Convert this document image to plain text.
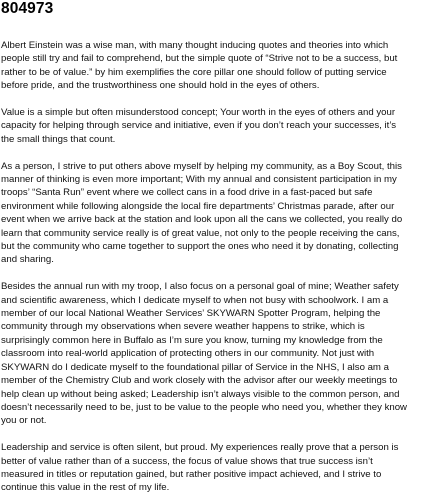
804973

Albert Einstein was a wise man, with many thought inducing quotes and theories into which
people still try and fail to comprehend, but the simple quote of “Strive not to be a success, but
rather to be of value.” by him exemplifies the core pillar one should follow of putting service
before pride, and the trustworthiness one should hold in the eyes of others.

Value is a simple but often misunderstood concept; Your worth in the eyes of others and your
capacity for helping through service and initiative, even if you don’t reach your successes, it’s
the small things that count.

As a person, I strive to put others above myself by helping my community, as a Boy Scout, this
manner of thinking is even more important; With my annual and consistent participation in my
troops’ “Santa Run” event where we collect cans in a food drive in a fast-paced but safe
environment while following alongside the local fire departments’ Christmas parade, after our
event when we arrive back at the station and look upon all the cans we collected, you really do
learn that community service really is of great value, not only to the people receiving the cans,
but the community who came together to support the ones who need it by donating, collecting
and sharing.

Besides the annual run with my troop, I also focus on a personal goal of mine; Weather safety
and scientific awareness, which I dedicate myself to when not busy with schoolwork. I am a
member of our local National Weather Services’ SKYWARN Spotter Program, helping the
community through my observations when severe weather happens to strike, which is
surprisingly common here in Buffalo as I’m sure you know, turning my knowledge from the
classroom into real-world application of protecting others in our community. Not just with
SKYWARN do I dedicate myself to the foundational pillar of Service in the NHS, I also am a
member of the Chemistry Club and work closely with the advisor after our weekly meetings to
help clean up without being asked; Leadership isn’t always visible to the common person, and
doesn’t necessarily need to be, just to be value to the people who need you, whether they know
you or not.

Leadership and service is often silent, but proud. My experiences really prove that a person is
better of value rather than of a success, the focus of value shows that true success isn’t
measured in titles or reputation gained, but rather positive impact achieved, and I strive to
continue this value in the rest of my life.
